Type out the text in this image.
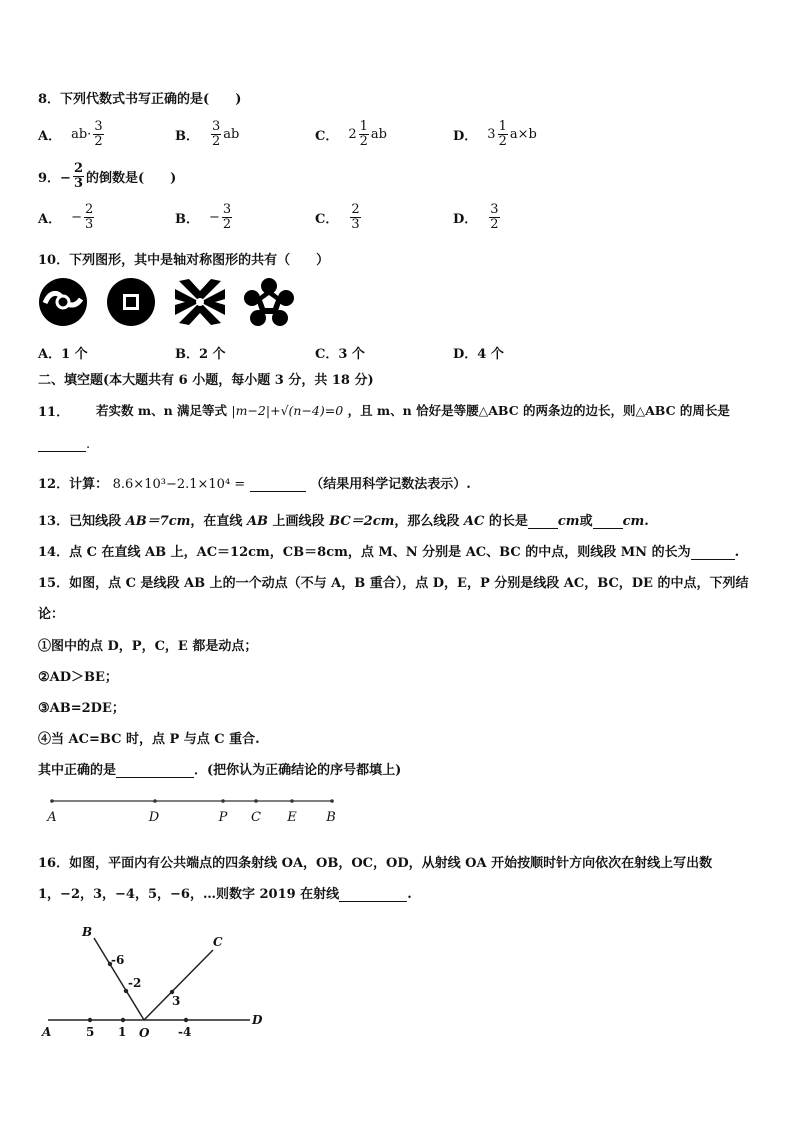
8．下列代数式书写正确的是(　　)
A． $ab\cdot \frac{3}{2}$	B． $\frac{3}{2}$ ab	C． $2 \frac{1}{2}$ ab	D． $3 \frac{1}{2} a\times b$
9．− $\frac{2}{3}$ 的倒数是(　　)
A． − $\frac{2}{3}$	B． − $\frac{3}{2}$	C． $\frac{2}{3}$	D． $\frac{3}{2}$
10．下列图形，其中是轴对称图形的共有（　　）
A．1 个	B．2 个	C．3 个	D．4 个
二、填空题(本大题共有 6 小题，每小题 3 分，共 18 分)
11． 若实数 m、n 满足等式 |m−2|+√(n−4)=0 ，且 m、n 恰好是等腰△ABC 的两条边的边长，则△ABC 的周长是
.
12．计算： 8.6×10³−2.1×10⁴ =	（结果用科学记数法表示）.
13．已知线段 AB＝7cm，在直线 AB 上画线段 BC＝2cm，那么线段 AC 的长是 cm或 cm.
14．点 C 在直线 AB 上，AC＝12cm，CB＝8cm，点 M、N 分别是 AC、BC 的中点，则线段 MN 的长为	.
15．如图，点 C 是线段 AB 上的一个动点（不与 A，B 重合），点 D，E，P 分别是线段 AC，BC，DE 的中点，下列结
论：
①图中的点 D，P，C，E 都是动点；
②AD＞BE；
③AB=2DE；
④当 AC=BC 时，点 P 与点 C 重合.
其中正确的是	．(把你认为正确结论的序号都填上)
A	D	P C E B
16．如图，平面内有公共端点的四条射线 OA，OB，OC，OD，从射线 OA 开始按顺时针方向依次在射线上写出数
1，−2，3，−4，5，−6，…则数字 2019 在射线	.
A
B
C
D
O
5 1	-4
3
-2
-6
